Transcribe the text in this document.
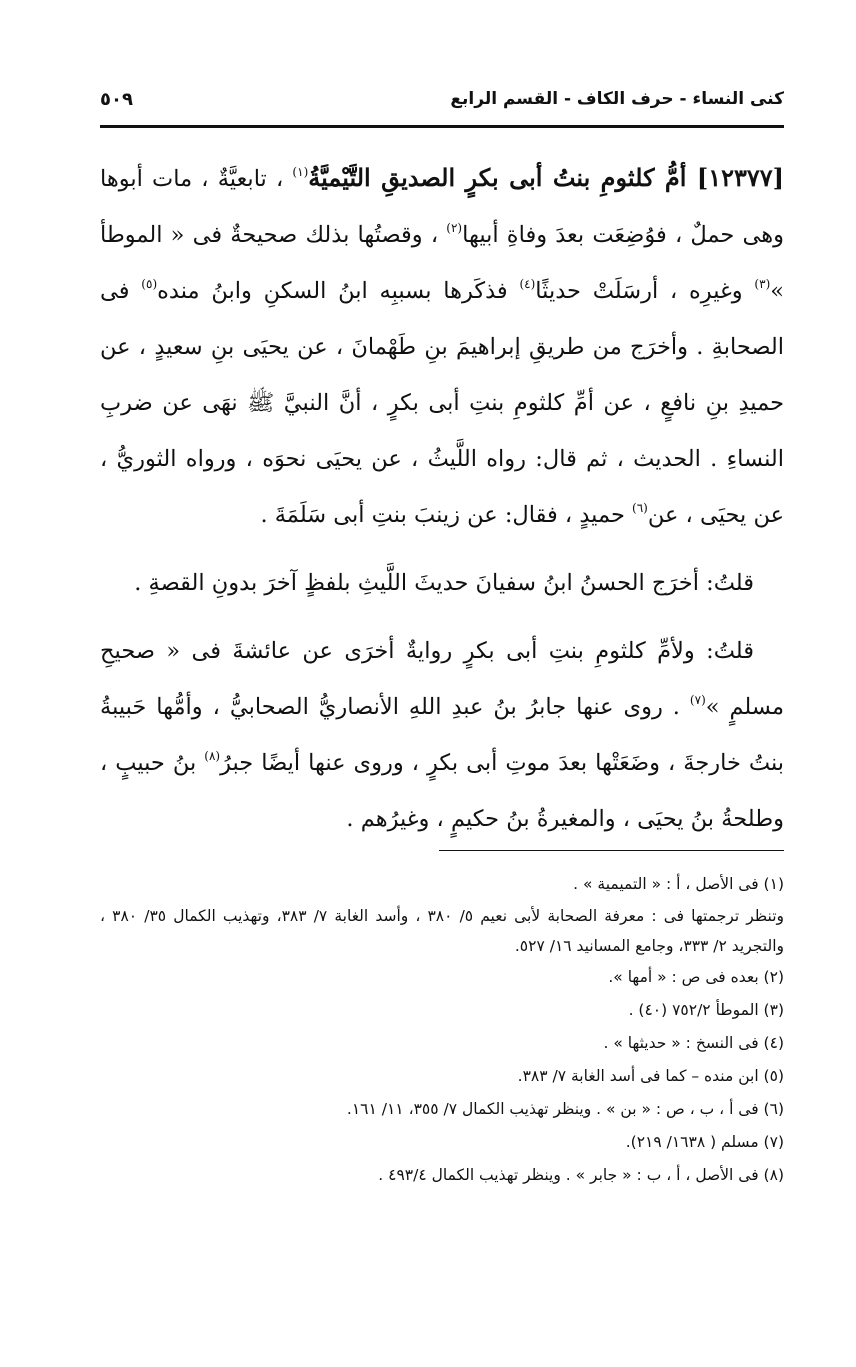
كنى النساء - حرف الكاف - القسم الرابع
٥٠٩

[١٢٣٧٧] أمُّ كلثومِ بنتُ أبى بكرٍ الصديقِ التَّيْميَّةُ$^{(١)}$ ، تابعيَّةٌ ، مات أبوها وهى حملٌ ، فوُضِعَت بعدَ وفاةِ أبيها$^{(٢)}$ ، وقصتُها بذلك صحيحةٌ فى « الموطأ »$^{(٣)}$ وغيرِه ، أرسَلَتْ حديثًا$^{(٤)}$ فذكَرها بسببِه ابنُ السكنِ وابنُ منده$^{(٥)}$ فى الصحابةِ . وأخرَج من طريقِ إبراهيمَ بنِ طَهْمانَ ، عن يحيَى بنِ سعيدٍ ، عن حميدِ بنِ نافعٍ ، عن أمِّ كلثومِ بنتِ أبى بكرٍ ، أنَّ النبيَّ ﷺ نهَى عن ضربِ النساءِ . الحديث ، ثم قال: رواه اللَّيثُ ، عن يحيَى نحوَه ، ورواه الثوريُّ ، عن يحيَى ، عن$^{(٦)}$ حميدٍ ، فقال: عن زينبَ بنتِ أبى سَلَمَةَ .

قلتُ: أخرَج الحسنُ ابنُ سفيانَ حديثَ اللَّيثِ بلفظٍ آخرَ بدونِ القصةِ .

قلتُ: ولأمِّ كلثومِ بنتِ أبى بكرٍ روايةٌ أخرَى عن عائشةَ فى « صحيحِ مسلمٍ »$^{(٧)}$ . روى عنها جابرُ بنُ عبدِ اللهِ الأنصاريُّ الصحابيُّ ، وأمُّها حَبيبةُ بنتُ خارجةَ ، وضَعَتْها بعدَ موتِ أبى بكرٍ ، وروى عنها أيضًا جبرُ$^{(٨)}$ بنُ حبيبٍ ، وطلحةُ بنُ يحيَى ، والمغيرةُ بنُ حكيمٍ ، وغيرُهم .

(١) فى الأصل ، أ : « التميمية » .

وتنظر ترجمتها فى : معرفة الصحابة لأبى نعيم ٥/ ٣٨٠ ، وأسد الغابة ٧/ ٣٨٣، وتهذيب الكمال ٣٥/ ٣٨٠ ، والتجريد ٢/ ٣٣٣، وجامع المسانيد ١٦/ ٥٢٧.

(٢) بعده فى ص : « أمها ».

(٣) الموطأ ٧٥٢/٢ (٤٠) .

(٤) فى النسخ : « حديثها » .

(٥) ابن منده – كما فى أسد الغابة ٧/ ٣٨٣.

(٦) فى أ ، ب ، ص : « بن » . وينظر تهذيب الكمال ٧/ ٣٥٥، ١١/ ١٦١.

(٧) مسلم ( ١٦٣٨/ ٢١٩).

(٨) فى الأصل ، أ ، ب : « جابر » . وينظر تهذيب الكمال ٤٩٣/٤ .
